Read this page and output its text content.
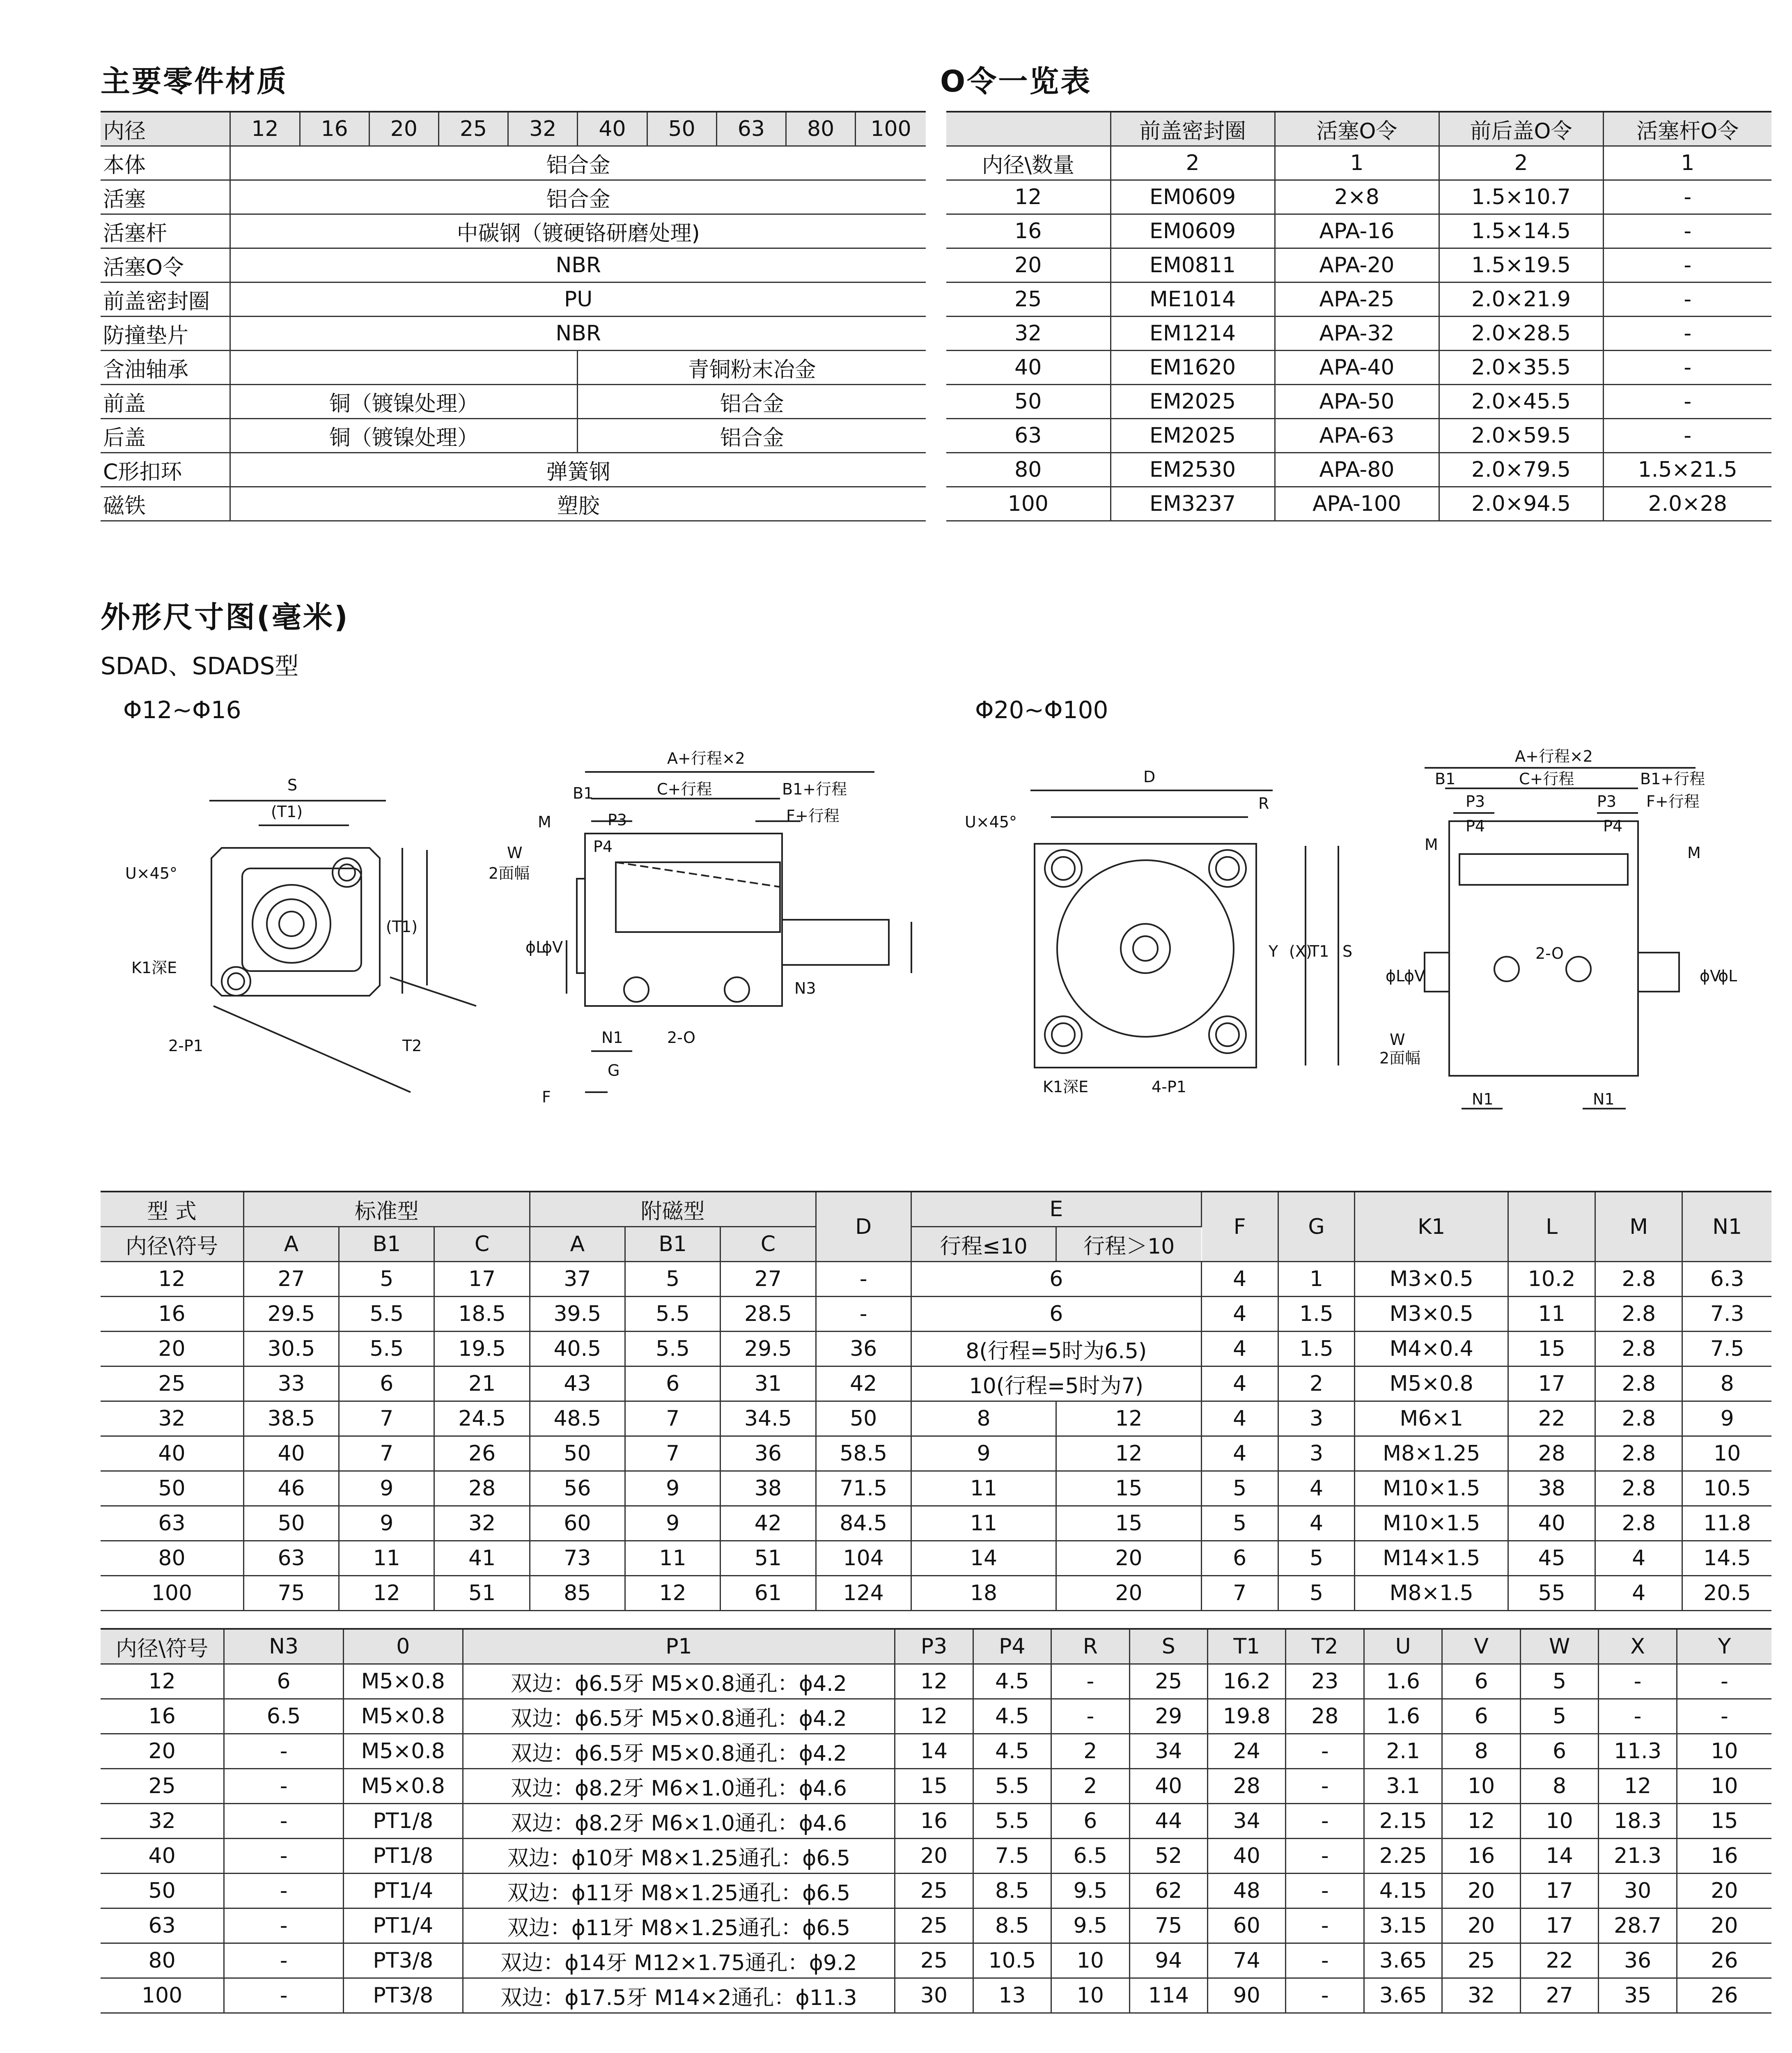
主要零件材质	O令一览表
内径	12	16	20	25	32	40	50	63	80	100
本体	铝合金									
活塞	铝合金									
活塞杆	中碳钢（镀硬铬研磨处理)									
活塞O令	NBR									
前盖密封圈	PU									
防撞垫片	NBR									
含油轴承						青铜粉末冶金				
前盖	铜（镀镍处理）					铝合金				
后盖	铜（镀镍处理）					铝合金				
C形扣环	弹簧钢									
磁铁	塑胶									
	前盖密封圈	活塞O令	前后盖O令	活塞杆O令
内径\数量	2	1	2	1
12	EM0609	2×8	1.5×10.7	-
16	EM0609	APA-16	1.5×14.5	-
20	EM0811	APA-20	1.5×19.5	-
25	ME1014	APA-25	2.0×21.9	-
32	EM1214	APA-32	2.0×28.5	-
40	EM1620	APA-40	2.0×35.5	-
50	EM2025	APA-50	2.0×45.5	-
63	EM2025	APA-63	2.0×59.5	-
80	EM2530	APA-80	2.0×79.5	1.5×21.5
100	EM3237	APA-100	2.0×94.5	2.0×28
外形尺寸图(毫米)
SDAD、SDADS型
Φ12~Φ16	Φ20~Φ100
S
(T1)
U×45°
(T1)
K1深E
2-P1	T2
A+行程×2
B1	C+行程	B1+行程
M	P3
P4
F+行程
W
2面幅
ϕL
ϕV
N1
N3
2-O
G
F
D
R
U×45°
(X)
Y T1 S
K1深E	4-P1
A+行程×2
B1	C+行程	B1+行程
P3	P3
P4	P4
F+行程
M	M
2-O
ϕL
ϕV	ϕL
ϕV
W
2面幅
N1	N1
型 式	标准型			附磁型			D	E		F	G	K1	L	M	N1
内径\符号	A	B1	C	A	B1	C		行程≤10	行程＞10						
12	27	5	17	37	5	27	-	6		4	1	M3×0.5	10.2	2.8	6.3
16	29.5	5.5	18.5	39.5	5.5	28.5	-	6		4	1.5	M3×0.5	11	2.8	7.3
20	30.5	5.5	19.5	40.5	5.5	29.5	36	8(行程=5时为6.5)		4	1.5	M4×0.4	15	2.8	7.5
25	33	6	21	43	6	31	42	10(行程=5时为7)		4	2	M5×0.8	17	2.8	8
32	38.5	7	24.5	48.5	7	34.5	50	8	12	4	3	M6×1	22	2.8	9
40	40	7	26	50	7	36	58.5	9	12	4	3	M8×1.25	28	2.8	10
50	46	9	28	56	9	38	71.5	11	15	5	4	M10×1.5	38	2.8	10.5
63	50	9	32	60	9	42	84.5	11	15	5	4	M10×1.5	40	2.8	11.8
80	63	11	41	73	11	51	104	14	20	6	5	M14×1.5	45	4	14.5
100	75	12	51	85	12	61	124	18	20	7	5	M8×1.5	55	4	20.5
内径\符号	N3	0	P1	P3	P4	R	S	T1	T2	U	V	W	X	Y
12	6	M5×0.8	双边：ϕ6.5牙 M5×0.8通孔：ϕ4.2	12	4.5	-	25	16.2	23	1.6	6	5	-	-
16	6.5	M5×0.8	双边：ϕ6.5牙 M5×0.8通孔：ϕ4.2	12	4.5	-	29	19.8	28	1.6	6	5	-	-
20	-	M5×0.8	双边：ϕ6.5牙 M5×0.8通孔：ϕ4.2	14	4.5	2	34	24	-	2.1	8	6	11.3	10
25	-	M5×0.8	双边：ϕ8.2牙 M6×1.0通孔：ϕ4.6	15	5.5	2	40	28	-	3.1	10	8	12	10
32	-	PT1/8	双边：ϕ8.2牙 M6×1.0通孔：ϕ4.6	16	5.5	6	44	34	-	2.15	12	10	18.3	15
40	-	PT1/8	双边：ϕ10牙 M8×1.25通孔：ϕ6.5	20	7.5	6.5	52	40	-	2.25	16	14	21.3	16
50	-	PT1/4	双边：ϕ11牙 M8×1.25通孔：ϕ6.5	25	8.5	9.5	62	48	-	4.15	20	17	30	20
63	-	PT1/4	双边：ϕ11牙 M8×1.25通孔：ϕ6.5	25	8.5	9.5	75	60	-	3.15	20	17	28.7	20
80	-	PT3/8	双边：ϕ14牙 M12×1.75通孔：ϕ9.2	25	10.5	10	94	74	-	3.65	25	22	36	26
100	-	PT3/8	双边：ϕ17.5牙 M14×2通孔：ϕ11.3	30	13	10	114	90	-	3.65	32	27	35	26
